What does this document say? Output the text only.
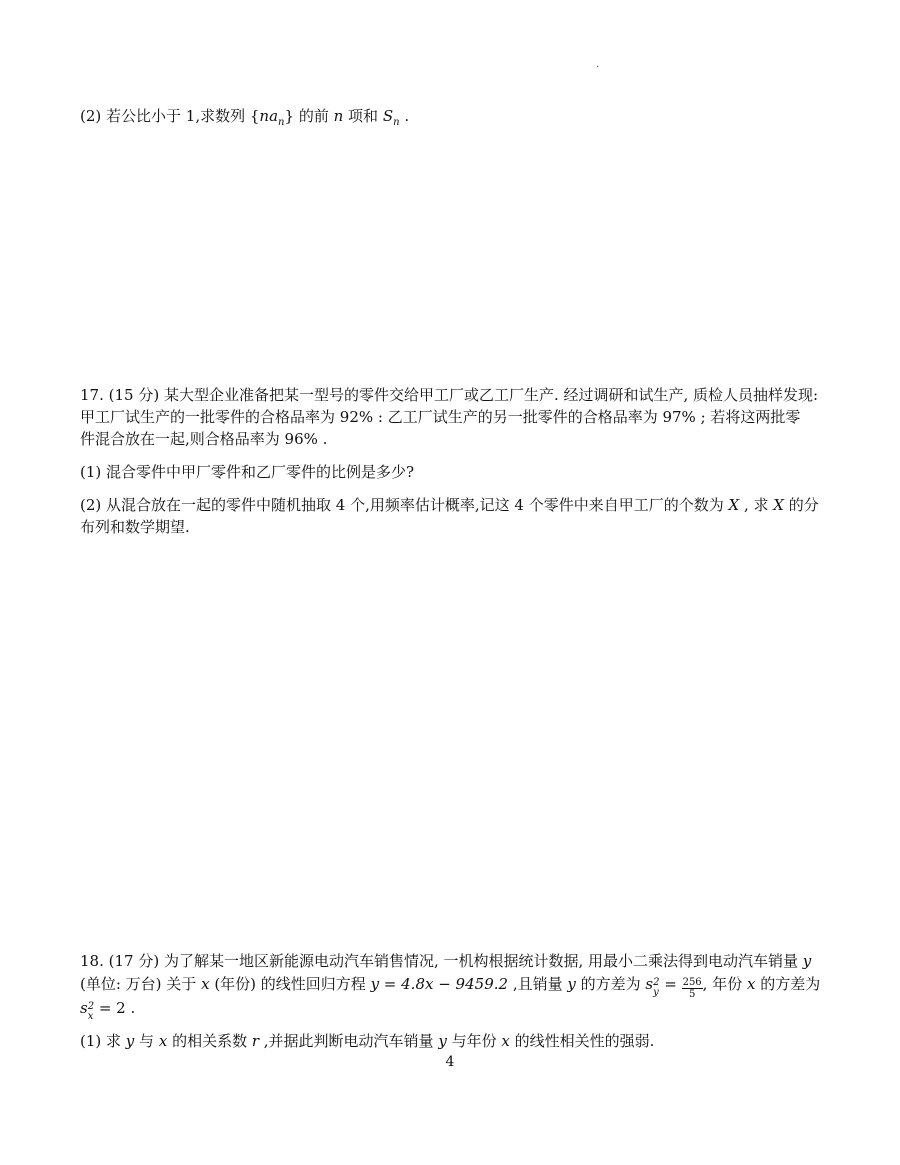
.
(2) 若公比小于 1,求数列 $\{na_n\}$ 的前 n 项和 $S_n$ .
17. (15 分) 某大型企业准备把某一型号的零件交给甲工厂或乙工厂生产. 经过调研和试生产, 质检人员抽样发现:
甲工厂试生产的一批零件的合格品率为 92% : 乙工厂试生产的另一批零件的合格品率为 97% ; 若将这两批零
件混合放在一起,则合格品率为 96% .
(1) 混合零件中甲厂零件和乙厂零件的比例是多少?
(2) 从混合放在一起的零件中随机抽取 4 个,用频率估计概率,记这 4 个零件中来自甲工厂的个数为 X , 求 X 的分
布列和数学期望.
18. (17 分) 为了解某一地区新能源电动汽车销售情况, 一机构根据统计数据, 用最小二乘法得到电动汽车销量 y
(单位: 万台) 关于 x (年份) 的线性回归方程 y = 4.8x − 9459.2 ,且销量 y 的方差为 s 2
$y = \frac{256}{5}$ , 年份 x 的方差为
s 2
x = 2 .
(1) 求 y 与 x 的相关系数 r ,并据此判断电动汽车销量 y 与年份 x 的线性相关性的强弱.
4
